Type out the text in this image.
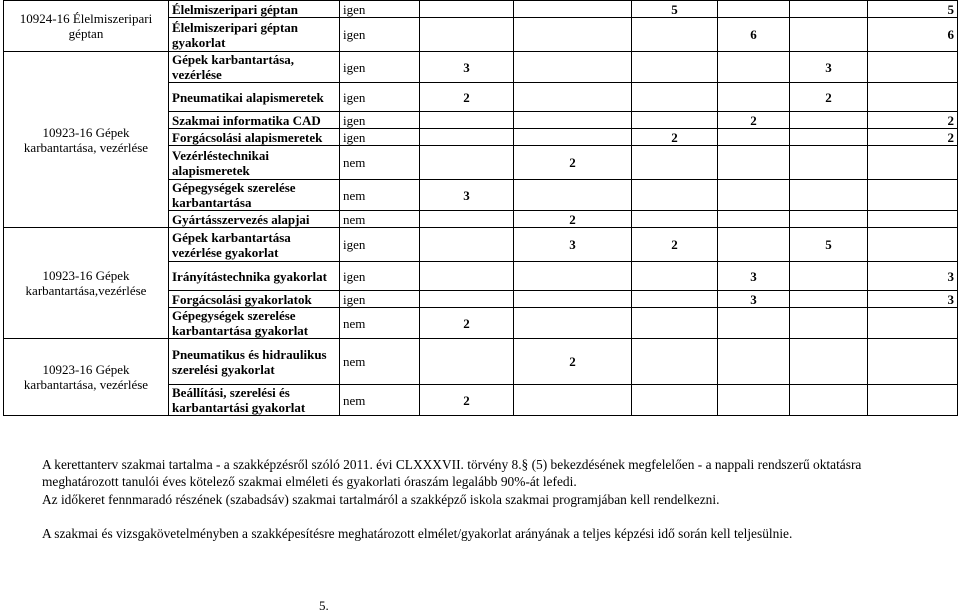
10924-16 Élelmiszeripari géptan	Élelmiszeripari géptan	igen			5			5
	Élelmiszeripari géptan gyakorlat	igen				6		6
10923-16 Gépek karbantartása, vezérlése	Gépek karbantartása, vezérlése	igen	3				3	
	Pneumatikai alapismeretek	igen	2				2	
	Szakmai informatika CAD	igen				2		2
	Forgácsolási alapismeretek	igen			2			2
	Vezérléstechnikai alapismeretek	nem		2				
	Gépegységek szerelése karbantartása	nem	3					
	Gyártásszervezés alapjai	nem		2				
10923-16 Gépek karbantartása,vezérlése	Gépek karbantartása vezérlése gyakorlat	igen		3	2		5	
	Irányítástechnika gyakorlat	igen				3		3
	Forgácsolási gyakorlatok	igen				3		3
	Gépegységek szerelése karbantartása gyakorlat	nem	2					
10923-16 Gépek karbantartása, vezérlése	Pneumatikus és hidraulikus szerelési gyakorlat	nem		2				
	Beállítási, szerelési és karbantartási gyakorlat	nem	2					

A kerettanterv szakmai tartalma - a szakképzésről szóló 2011. évi CLXXXVII. törvény 8.§ (5) bekezdésének megfelelően - a nappali rendszerű oktatásra meghatározott tanulói éves kötelező szakmai elméleti és gyakorlati óraszám legalább 90%-át lefedi.

Az időkeret fennmaradó részének (szabadsáv) szakmai tartalmáról a szakképző iskola szakmai programjában kell rendelkezni.

A szakmai és vizsgakövetelményben a szakképesítésre meghatározott elmélet/gyakorlat arányának a teljes képzési idő során kell teljesülnie.

5.
